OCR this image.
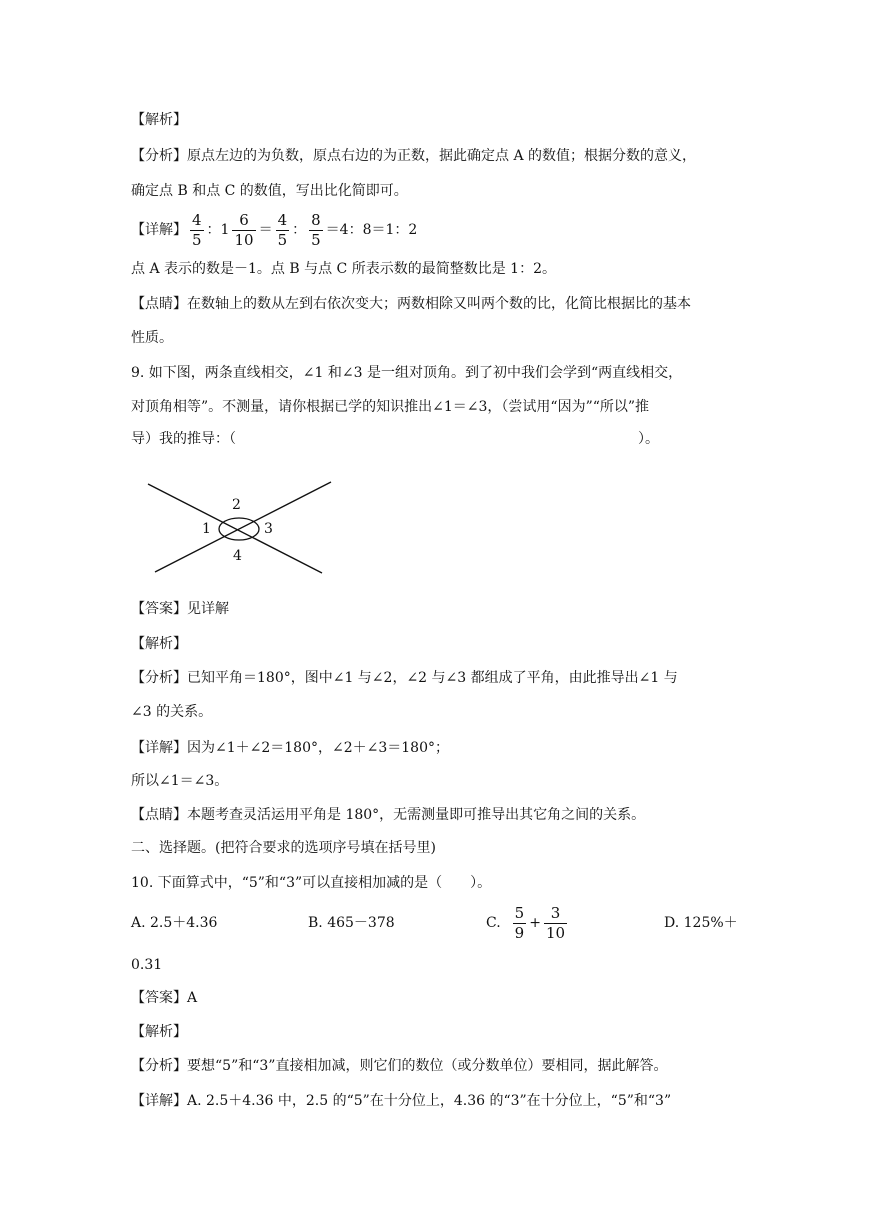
【解析】
【分析】原点左边的为负数，原点右边的为正数，据此确定点 A 的数值；根据分数的意义，
确定点 B 和点 C 的数值，写出比化简即可。
【详解】 $\frac{4}{5}$ ：$1 \frac{6}{10} = \frac{4}{5}$ ： $\frac{8}{5} =4$：8＝1：2
点 A 表示的数是－1。点 B 与点 C 所表示数的最简整数比是 1：2。
【点睛】在数轴上的数从左到右依次变大；两数相除又叫两个数的比，化简比根据比的基本
性质。
9. 如下图，两条直线相交，∠1 和∠3 是一组对顶角。到了初中我们会学到“两直线相交，
对顶角相等”。不测量，请你根据已学的知识推出∠1＝∠3，（尝试用“因为”“所以”推
导）我的推导：（	）。
2
1	3
4
【答案】见详解
【解析】
【分析】已知平角＝180°，图中∠1 与∠2，∠2 与∠3 都组成了平角，由此推导出∠1 与
∠3 的关系。
【详解】因为∠1＋∠2＝180°，∠2＋∠3＝180°；
所以∠1＝∠3。
【点睛】本题考查灵活运用平角是 180°，无需测量即可推导出其它角之间的关系。
二、选择题。(把符合要求的选项序号填在括号里)
10. 下面算式中，“5”和“3”可以直接相加减的是（　　）。
A. 2.5＋4.36	B. 465－378	C. $\frac{5}{9} + \frac{3}{10}$	D. 125%＋
0.31
【答案】A
【解析】
【分析】要想“5”和“3”直接相加减，则它们的数位（或分数单位）要相同，据此解答。
【详解】A. 2.5＋4.36 中，2.5 的“5”在十分位上，4.36 的“3”在十分位上，“5”和“3”
